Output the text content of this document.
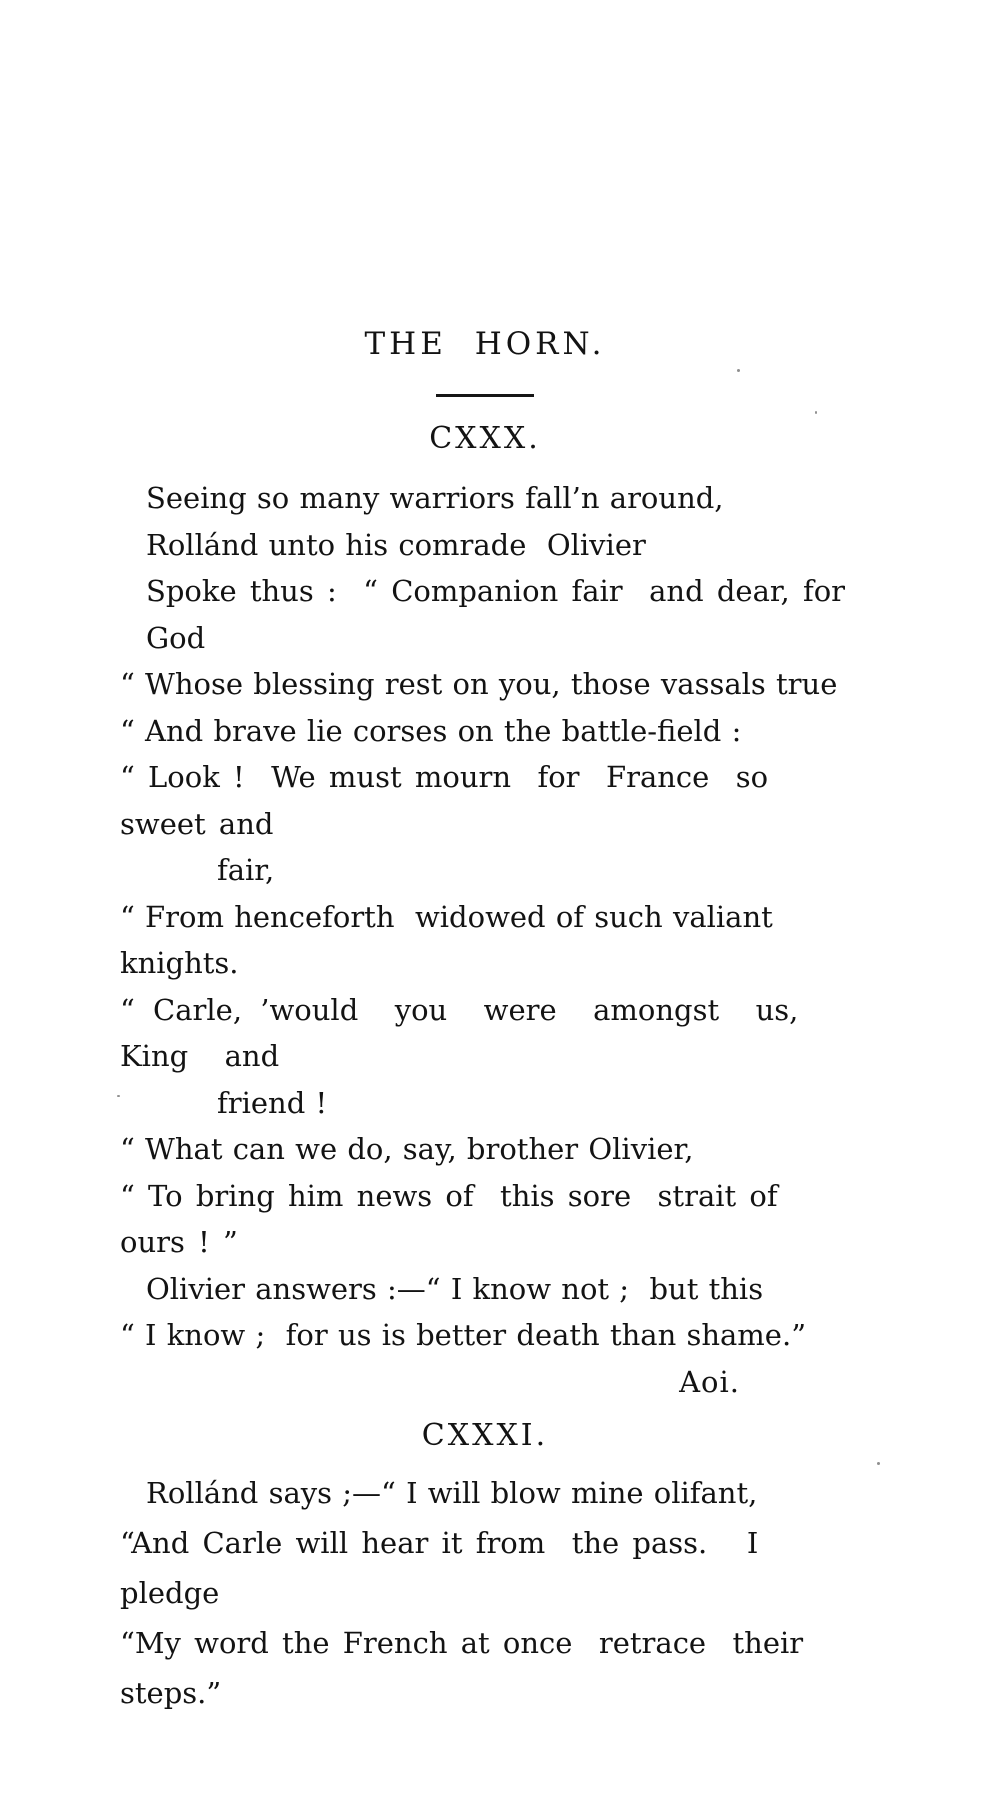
THE HORN.
CXXX.

Seeing so many warriors fall’n around,

Rollánd unto his comrade  Olivier

Spoke thus :  “ Companion fair  and dear, for God

“ Whose blessing rest on you, those vassals true

“ And brave lie corses on the battle-field :

“ Look !  We must mourn  for  France  so sweet and

fair,

“ From henceforth  widowed of such valiant knights.

“ Carle, ’would  you  were  amongst  us,  King  and

friend !

“ What can we do, say, brother Olivier,

“ To bring him news of  this sore  strait of ours ! ”

Olivier answers :—“ I know not ;  but this

“ I know ;  for us is better death than shame.”

Aoi.

CXXXI.

Rollánd says ;—“ I will blow mine olifant,

“And Carle will hear it from  the pass.   I pledge

“My word the French at once  retrace  their steps.”
